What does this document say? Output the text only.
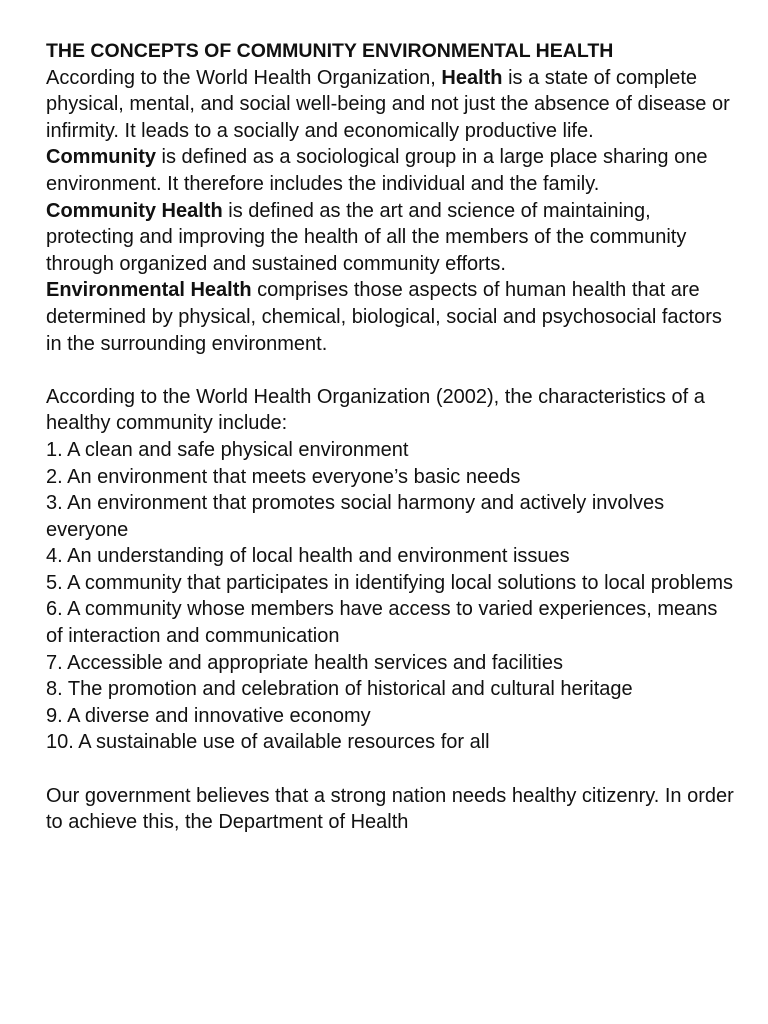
THE CONCEPTS OF COMMUNITY ENVIRONMENTAL HEALTH

According to the World Health Organization, Health is a state of complete physical, mental, and social well-being and not just the absence of disease or infirmity. It leads to a socially and economically productive life.

Community is defined as a sociological group in a large place sharing one environment. It therefore includes the individual and the family.

Community Health is defined as the art and science of maintaining, protecting and improving the health of all the members of the community through organized and sustained community efforts.

Environmental Health comprises those aspects of human health that are determined by physical, chemical, biological, social and psychosocial factors in the surrounding environment.

According to the World Health Organization (2002), the characteristics of a healthy community include:

1. A clean and safe physical environment
2. An environment that meets everyone’s basic needs
3. An environment that promotes social harmony and actively involves everyone
4. An understanding of local health and environment issues
5. A community that participates in identifying local solutions to local problems
6. A community whose members have access to varied experiences, means of interaction and communication
7. Accessible and appropriate health services and facilities
8. The promotion and celebration of historical and cultural heritage
9. A diverse and innovative economy
10. A sustainable use of available resources for all

Our government believes that a strong nation needs healthy citizenry. In order to achieve this, the Department of Health
